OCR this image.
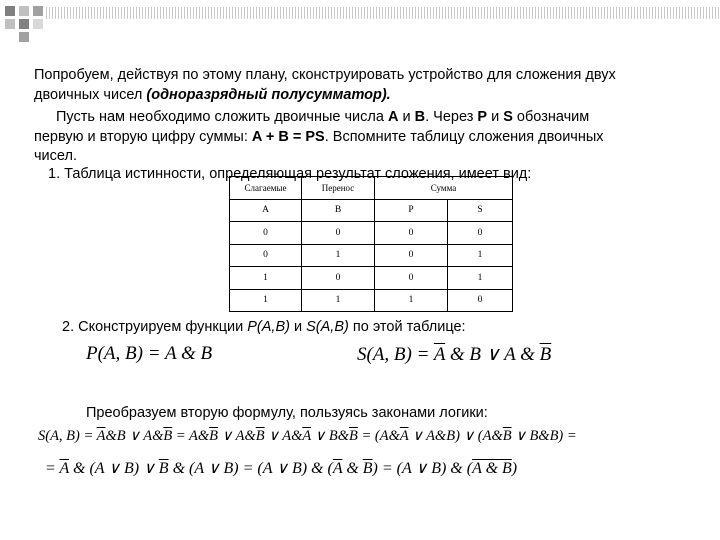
Попробуем, действуя по этому плану, сконструировать устройство для сложения двух
двоичных чисел (одноразрядный полусумматор).
Пусть нам необходимо сложить двоичные числа A и B. Через P и S обозначим
первую и вторую цифру суммы: A + B = PS. Вспомните таблицу сложения двоичных
чисел.
1. Таблица истинности, определяющая результат сложения, имеет вид:
Слагаемые	Перенос	Сумма	
A	B	P	S
0	0	0	0
0	1	0	1
1	0	0	1
1	1	1	0
2. Сконструируем функции P(A,B) и S(A,B) по этой таблице:
P(A, B) = A & B	S(A, $B) = \overline{A}$ & B ∨ A & $\overline{B}$
Преобразуем вторую формулу, пользуясь законами логики:
S(A, $B) = \overline{A}\&B$ ∨ $A\&\overline{B}$ = $A\&\overline{B}$ ∨ $A\&\overline{B}$ ∨ $A\&\overline{A}$ ∨ $B\&\overline{B}$ = ($A\&\overline{A}$ ∨ A&B) ∨ ($A\&\overline{B}$ ∨ B&B) =
= $\overline{A}$ & (A ∨ B) ∨ $\overline{B}$ & (A ∨ B) = (A ∨ B) & ($\overline{A}$ & $\overline{B}) = (A$ ∨ B) & (A & B)
